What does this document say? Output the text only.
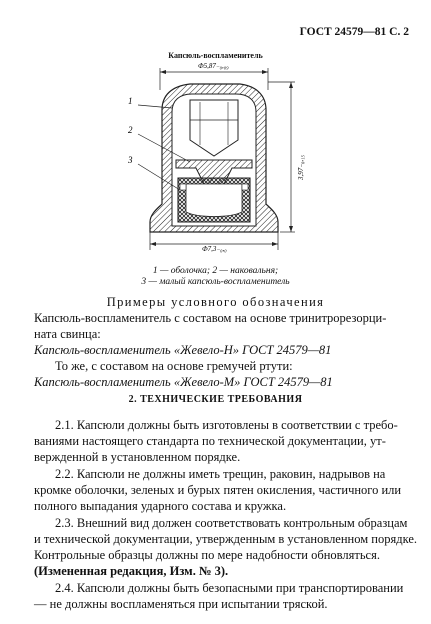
ГОСТ 24579—81 С. 2
Капсюль-воспламенитель
Ф5,87₋₀,₀₉
3,97₋₀,₁₅
1
2
3
Ф7,3₋₀,₀
1 — оболочка; 2 — наковальня;
3 — малый капсюль-воспламенитель
Примеры условного обозначения
Капсюль-воспламенитель с составом на основе тринитрорезорци-
ната свинца:
Капсюль-воспламенитель «Жевело-Н» ГОСТ 24579—81
То же, с составом на основе гремучей ртути:
Капсюль-воспламенитель «Жевело-М» ГОСТ 24579—81
2. ТЕХНИЧЕСКИЕ ТРЕБОВАНИЯ
2.1. Капсюли должны быть изготовлены в соответствии с требо-
ваниями настоящего стандарта по технической документации, ут-
вержденной в установленном порядке.
2.2. Капсюли не должны иметь трещин, раковин, надрывов на
кромке оболочки, зеленых и бурых пятен окисления, частичного или
полного выпадания ударного состава и кружка.
2.3. Внешний вид должен соответствовать контрольным образцам
и технической документации, утвержденным в установленном порядке.
Контрольные образцы должны по мере надобности обновляться.
(Измененная редакция, Изм. № 3).
2.4. Капсюли должны быть безопасными при транспортировании
— не должны воспламеняться при испытании тряской.
